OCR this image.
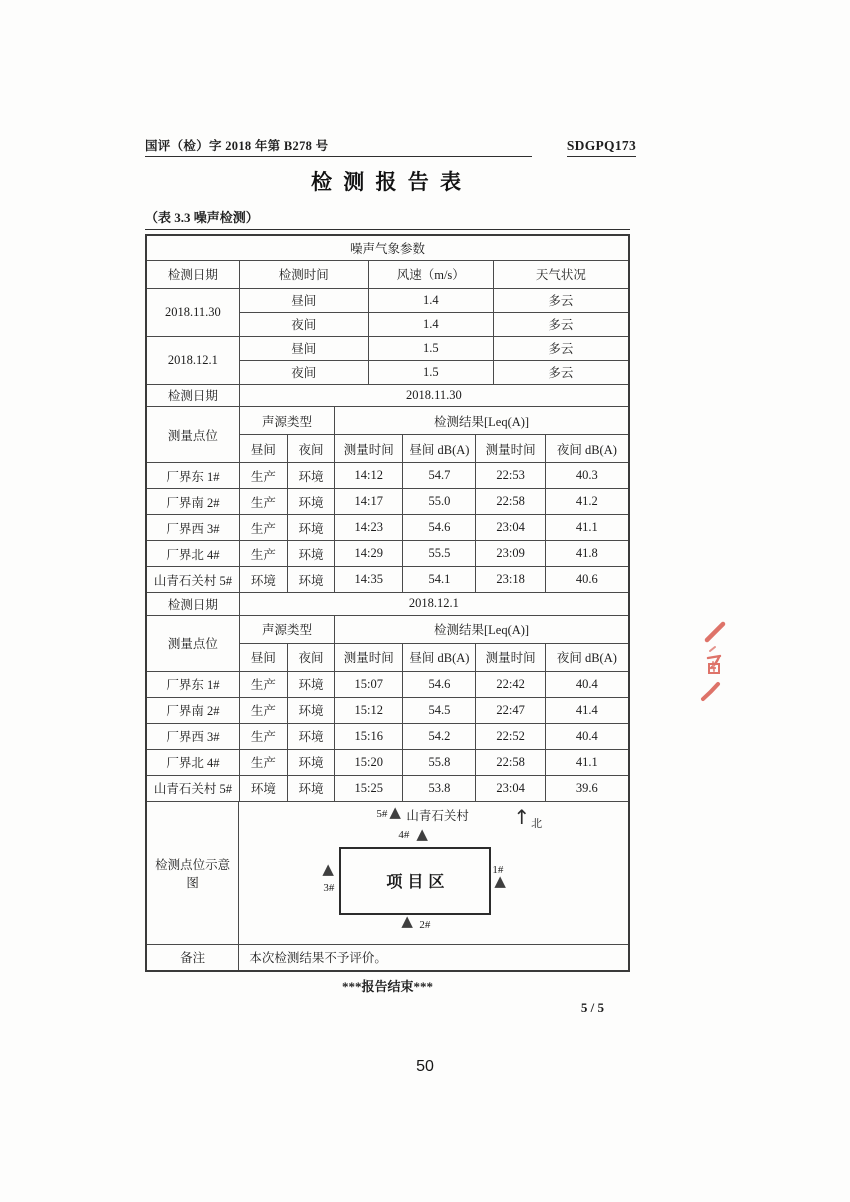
国评（检）字 2018 年第 B278 号	SDGPQ173
检 测 报 告 表
（表 3.3 噪声检测）
噪声气象参数			
检测日期	检测时间	风速（m/s）	天气状况
2018.11.30	昼间	1.4	多云
	夜间	1.4	多云
2018.12.1	昼间	1.5	多云
	夜间	1.5	多云
检测日期	2018.11.30					
测量点位	声源类型		检测结果[Leq(A)]			
	昼间	夜间	测量时间	昼间 dB(A)	测量时间	夜间 dB(A)
厂界东 1#	生产	环境	14:12	54.7	22:53	40.3
厂界南 2#	生产	环境	14:17	55.0	22:58	41.2
厂界西 3#	生产	环境	14:23	54.6	23:04	41.1
厂界北 4#	生产	环境	14:29	55.5	23:09	41.8
山青石关村 5#	环境	环境	14:35	54.1	23:18	40.6
检测日期	2018.12.1					
测量点位	声源类型		检测结果[Leq(A)]			
	昼间	夜间	测量时间	昼间 dB(A)	测量时间	夜间 dB(A)
厂界东 1#	生产	环境	15:07	54.6	22:42	40.4
厂界南 2#	生产	环境	15:12	54.5	22:47	41.4
厂界西 3#	生产	环境	15:16	54.2	22:52	40.4
厂界北 4#	生产	环境	15:20	55.8	22:58	41.1
山青石关村 5#	环境	环境	15:25	53.8	23:04	39.6
检测点位示意图
5# ▲ 山青石关村 ↑ 北
4# ▲
项目区
1#
▲
▲
3#
▲ 2#
备注	本次检测结果不予评价。
***报告结束***
5 / 5
50
